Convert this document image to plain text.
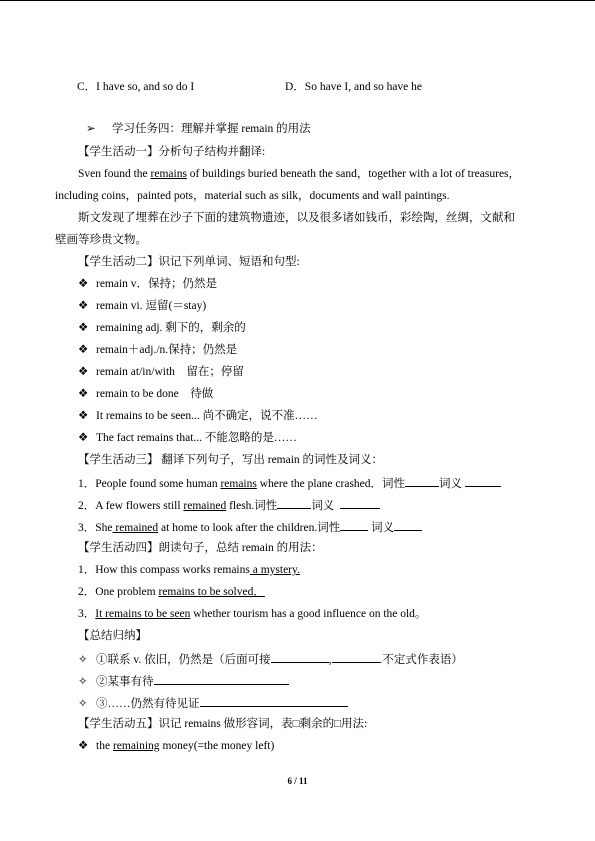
C．I have so, and so do I	D．So have I, and so have he
➢ 学习任务四：理解并掌握 remain 的用法
【学生活动一】分析句子结构并翻译:
Sven found the remains of buildings buried beneath the sand，together with a lot of treasures，
including coins，painted pots，material such as silk，documents and wall paintings.
斯文发现了埋葬在沙子下面的建筑物遗迹，以及很多诸如钱币，彩绘陶，丝绸，文献和
壁画等珍贵文物。
【学生活动二】识记下列单词、短语和句型:
❖ remain v．保持；仍然是
❖ remain vi. 逗留(＝stay)
❖ remaining adj. 剩下的，剩余的
❖ remain＋adj./n.保持；仍然是
❖ remain at/in/with　留在；停留
❖ remain to be done　待做
❖ It remains to be seen... 尚不确定，说不准……
❖ The fact remains that... 不能忽略的是……
【学生活动三】 翻译下列句子，写出 remain 的词性及词义：
1．People found some human remains where the plane crashed．词性	词义
2．A few flowers still remained flesh.词性	词义
3．She remained at home to look after the children.词性 词义
【学生活动四】朗读句子，总结 remain 的用法：
1．How this compass works remains a mystery.
2．One problem remains to be solved．
3．It remains to be seen whether tourism has a good influence on the old。
【总结归纳】
✧ ①联系 v. 依旧，仍然是（后面可接	,	.不定式作表语）
✧ ②某事有待
✧ ③……仍然有待见证
【学生活动五】识记 remains 做形容词，表□剩余的□用法:
❖ the remaining money(=the money left)
6 / 11
